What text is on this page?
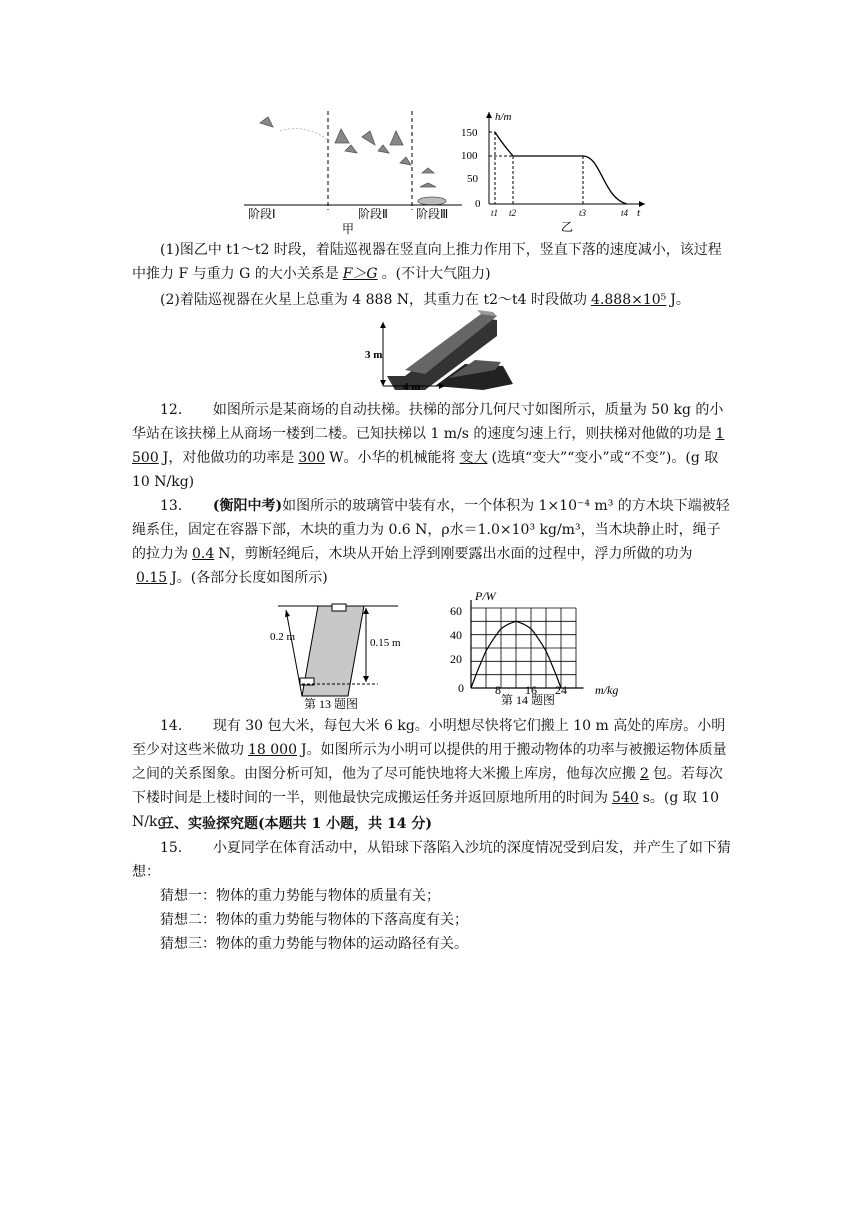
阶段Ⅰ	阶段Ⅱ 阶段Ⅲ
甲
h/m
t
150
100
50
0
t1 t2	t3	t4
乙

(1)图乙中 t1～t2 时段，着陆巡视器在竖直向上推力作用下，竖直下落的速度减小，该过程中推力 F 与重力 G 的大小关系是 F＞G 。(不计大气阻力)

(2)着陆巡视器在火星上总重为 4 888 N，其重力在 t2～t4 时段做功 4.888×10⁵ J。

3 m
4 m

12．   如图所示是某商场的自动扶梯。扶梯的部分几何尺寸如图所示，质量为 50 kg 的小华站在该扶梯上从商场一楼到二楼。已知扶梯以 1 m/s 的速度匀速上行，则扶梯对他做的功是 1 500 J，对他做功的功率是 300 W。小华的机械能将 变大 (选填“变大”“变小”或“不变”)。(g 取 10 N/kg)

13．   (衡阳中考)如图所示的玻璃管中装有水，一个体积为 1×10⁻⁴ m³ 的方木块下端被轻绳系住，固定在容器下部，木块的重力为 0.6 N，ρ水＝1.0×10³ kg/m³，当木块静止时，绳子的拉力为 0.4 N，剪断轻绳后，木块从开始上浮到刚要露出水面的过程中，浮力所做的功为0.15 J。(各部分长度如图所示)

0.2 m	0.15 m
第 13 题图
P/W
m/kg
60
40
20
0	8 16 24
第 14 题图

14．   现有 30 包大米，每包大米 6 kg。小明想尽快将它们搬上 10 m 高处的库房。小明至少对这些米做功 18 000 J。如图所示为小明可以提供的用于搬动物体的功率与被搬运物体质量之间的关系图象。由图分析可知，他为了尽可能快地将大米搬上库房，他每次应搬 2 包。若每次下楼时间是上楼时间的一半，则他最快完成搬运任务并返回原地所用的时间为 540 s。(g 取 10 N/kg)

三、实验探究题(本题共 1 小题，共 14 分)

15．   小夏同学在体育活动中，从铅球下落陷入沙坑的深度情况受到启发，并产生了如下猜想：

猜想一：物体的重力势能与物体的质量有关；

猜想二：物体的重力势能与物体的下落高度有关；

猜想三：物体的重力势能与物体的运动路径有关。
